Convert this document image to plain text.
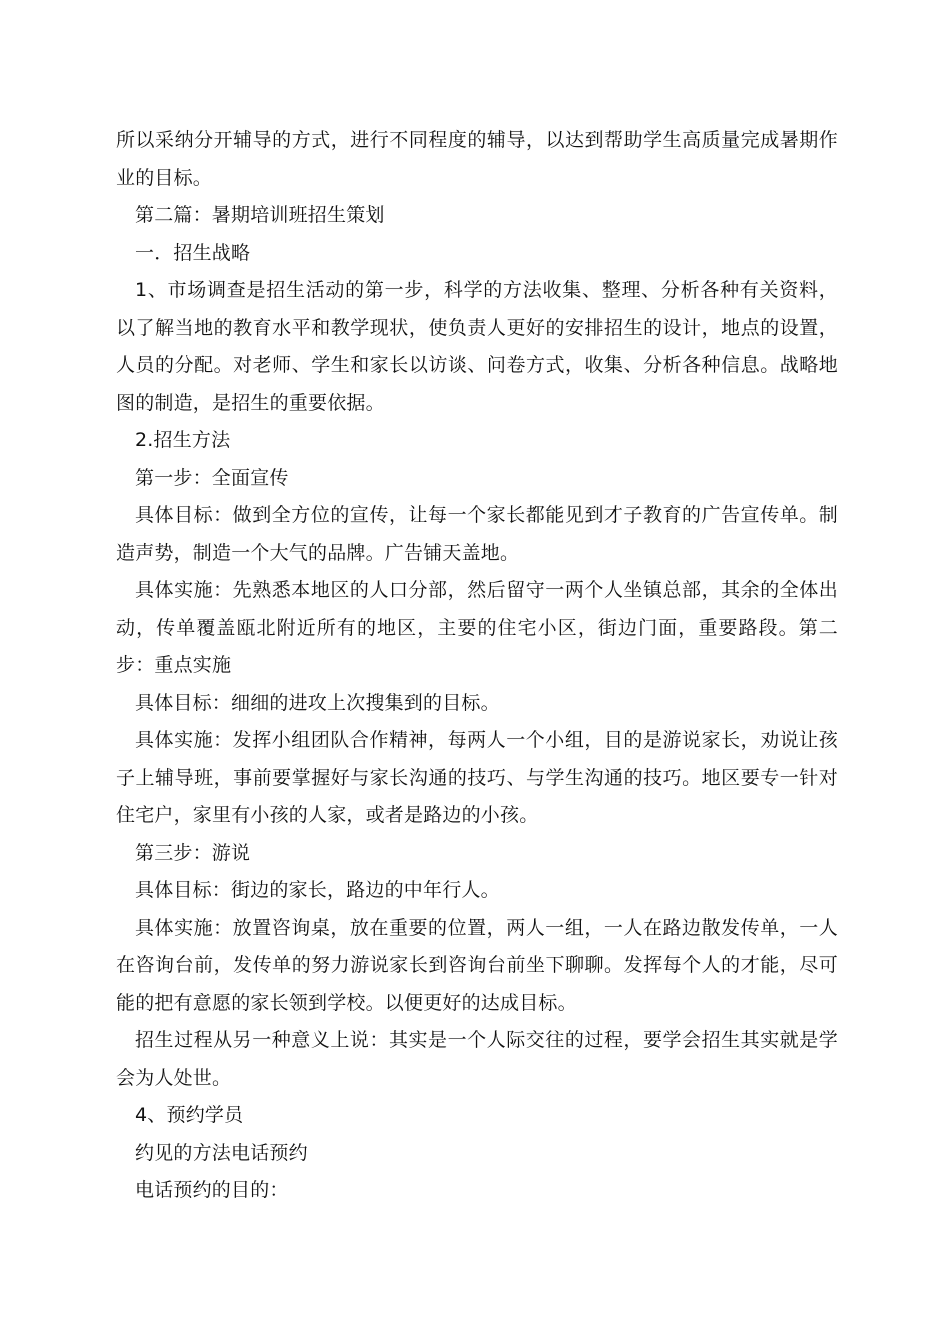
所以采纳分开辅导的方式，进行不同程度的辅导，以达到帮助学生高质量完成暑期作业的目标。

第二篇：暑期培训班招生策划

一．招生战略

1、市场调查是招生活动的第一步，科学的方法收集、整理、分析各种有关资料，以了解当地的教育水平和教学现状，使负责人更好的安排招生的设计，地点的设置，人员的分配。对老师、学生和家长以访谈、问卷方式，收集、分析各种信息。战略地图的制造，是招生的重要依据。

2.招生方法

第一步：全面宣传

具体目标：做到全方位的宣传，让每一个家长都能见到才子教育的广告宣传单。制造声势，制造一个大气的品牌。广告铺天盖地。

具体实施：先熟悉本地区的人口分部，然后留守一两个人坐镇总部，其余的全体出动，传单覆盖瓯北附近所有的地区，主要的住宅小区，街边门面，重要路段。第二步：重点实施

具体目标：细细的进攻上次搜集到的目标。

具体实施：发挥小组团队合作精神，每两人一个小组，目的是游说家长，劝说让孩子上辅导班，事前要掌握好与家长沟通的技巧、与学生沟通的技巧。地区要专一针对住宅户，家里有小孩的人家，或者是路边的小孩。

第三步：游说

具体目标：街边的家长，路边的中年行人。

具体实施：放置咨询桌，放在重要的位置，两人一组，一人在路边散发传单，一人在咨询台前，发传单的努力游说家长到咨询台前坐下聊聊。发挥每个人的才能，尽可能的把有意愿的家长领到学校。以便更好的达成目标。

招生过程从另一种意义上说：其实是一个人际交往的过程，要学会招生其实就是学会为人处世。

4、预约学员

约见的方法电话预约

电话预约的目的：
